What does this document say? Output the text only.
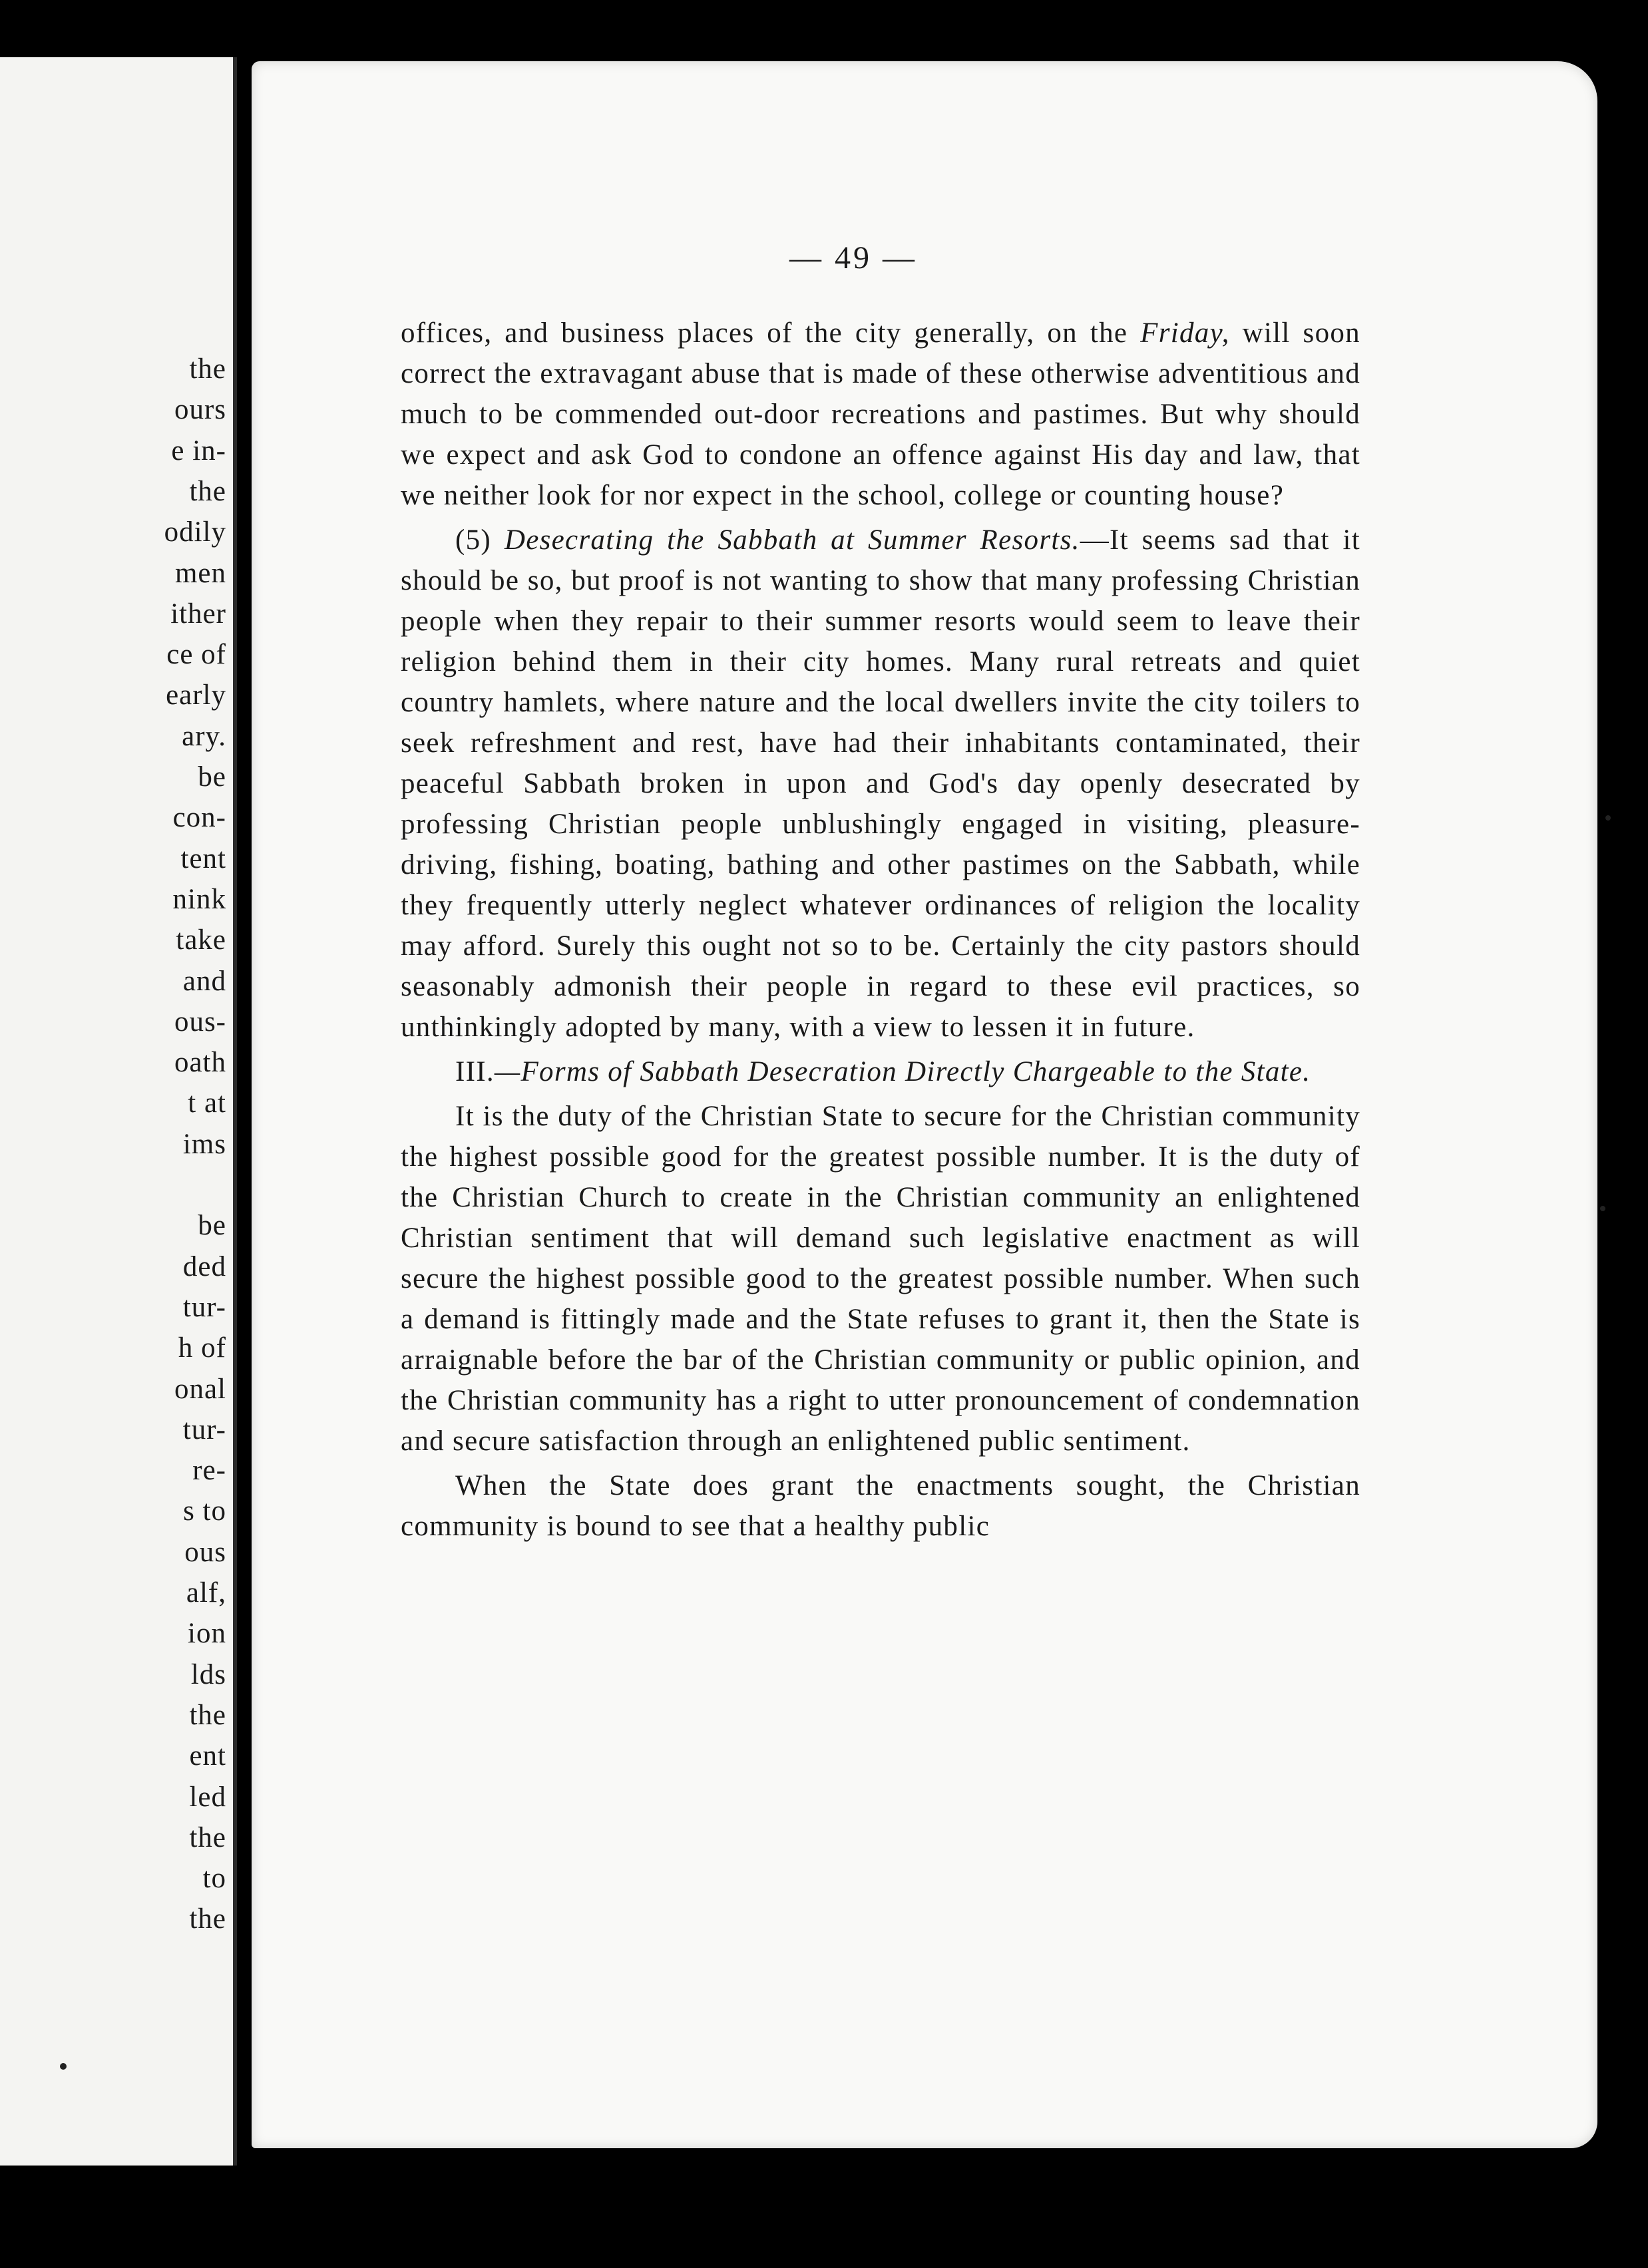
the
ours
e in-
the
odily
men
ither
ce of
early
ary.
be
con-
tent
nink
take
and
ous-
oath
t at
ims
be
ded
tur-
h of
onal
tur-
re-
s to
ous
alf,
ion
lds
the
ent
led
the
to
the
— 49 —

offices, and business places of the city generally, on the Friday, will soon correct the extravagant abuse that is made of these otherwise adventitious and much to be commended out-door recreations and pastimes. But why should we expect and ask God to condone an offence against His day and law, that we neither look for nor expect in the school, college or counting house?

(5) Desecrating the Sabbath at Summer Resorts.—It seems sad that it should be so, but proof is not wanting to show that many professing Christian people when they repair to their summer resorts would seem to leave their religion behind them in their city homes. Many rural retreats and quiet country hamlets, where nature and the local dwellers invite the city toilers to seek refreshment and rest, have had their inhabitants contaminated, their peaceful Sabbath broken in upon and God's day openly desecrated by professing Christian people unblushingly engaged in visiting, pleasure-driving, fishing, boating, bathing and other pastimes on the Sabbath, while they frequently utterly neglect whatever ordinances of religion the locality may afford. Surely this ought not so to be. Certainly the city pastors should seasonably admonish their people in regard to these evil practices, so unthinkingly adopted by many, with a view to lessen it in future.

III.—Forms of Sabbath Desecration Directly Chargeable to the State.

It is the duty of the Christian State to secure for the Christian community the highest possible good for the greatest possible number. It is the duty of the Christian Church to create in the Christian community an enlightened Christian sentiment that will demand such legislative enactment as will secure the highest possible good to the greatest possible number. When such a demand is fittingly made and the State refuses to grant it, then the State is arraignable before the bar of the Christian community or public opinion, and the Christian community has a right to utter pronouncement of condemnation and secure satisfaction through an enlightened public sentiment.

When the State does grant the enactments sought, the Christian community is bound to see that a healthy public
